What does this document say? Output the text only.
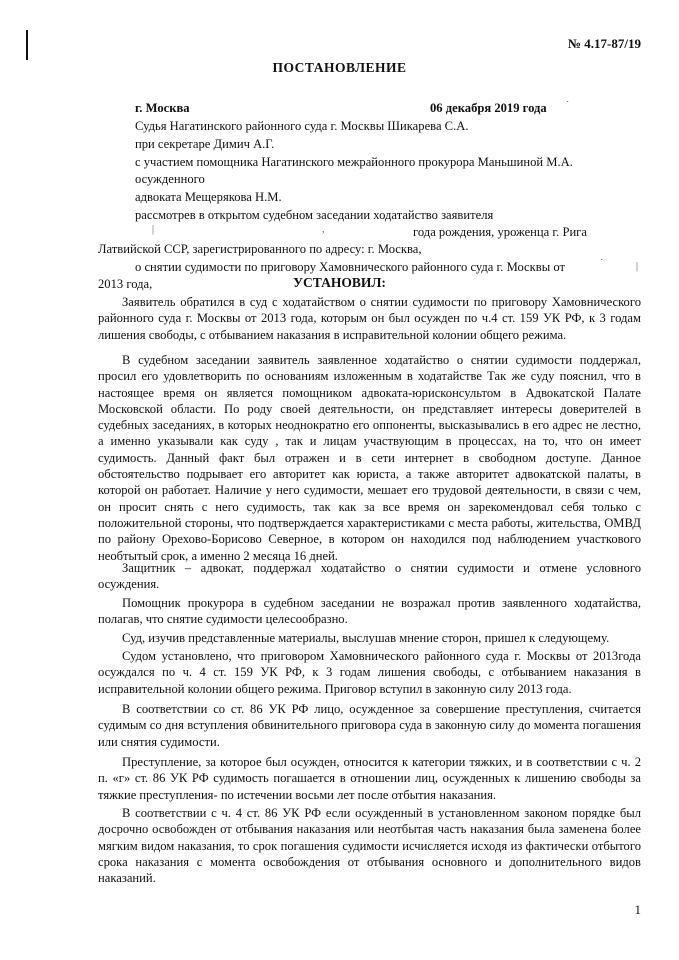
№ 4.17-87/19
ПОСТАНОВЛЕНИЕ
г. Москва	06 декабря 2019 года ˙
Судья Нагатинского районного суда г. Москвы Шикарева С.А.
при секретаре Димич А.Г.
с участием помощника Нагатинского межрайонного прокурора Маньшиной М.А.
осужденного
адвоката Мещерякова Н.М.
рассмотрев в открытом судебном заседании ходатайство заявителя
года рождения, уроженца г. Рига
|	,
Латвийской ССР, зарегистрированного по адресу: г. Москва,
о снятии судимости по приговору Хамовнического районного суда г. Москвы от	˙	|
2013 года,	УСТАНОВИЛ:

Заявитель обратился в суд с ходатайством о снятии судимости по приговору Хамовнического районного суда г. Москвы от 2013 года, которым он был осужден по ч.4 ст. 159 УК РФ, к 3 годам лишения свободы, с отбыванием наказания в исправительной колонии общего режима.

В судебном заседании заявитель заявленное ходатайство о снятии судимости поддержал, просил его удовлетворить по основаниям изложенным в ходатайстве Так же суду пояснил, что в настоящее время он является помощником адвоката-юрисконсультом в Адвокатской Палате Московской области. По роду своей деятельности, он представляет интересы доверителей в судебных заседаниях, в которых неоднократно его оппоненты, высказывались в его адрес не лестно, а именно указывали как суду , так и лицам участвующим в процессах, на то, что он имеет судимость. Данный факт был отражен и в сети интернет в свободном доступе. Данное обстоятельство подрывает его авторитет как юриста, а также авторитет адвокатской палаты, в которой он работает. Наличие у него судимости, мешает его трудовой деятельности, в связи с чем, он просит снять с него судимость, так как за все время он зарекомендовал себя только с положительной стороны, что подтверждается характеристиками с места работы, жительства, ОМВД по району Орехово-Борисово Северное, в котором он находился под наблюдением участкового необтытый срок, а именно 2 месяца 16 дней.

Защитник – адвокат, поддержал ходатайство о снятии судимости и отмене условного осуждения.

Помощник прокурора в судебном заседании не возражал против заявленного ходатайства, полагав, что снятие судимости целесообразно.

Суд, изучив представленные материалы, выслушав мнение сторон, пришел к следующему.

Судом установлено, что приговором Хамовнического районного суда г. Москвы от 2013года осуждался по ч. 4 ст. 159 УК РФ, к 3 годам лишения свободы, с отбыванием наказания в исправительной колонии общего режима. Приговор вступил в законную силу 2013 года.

В соответствии со ст. 86 УК РФ лицо, осужденное за совершение преступления, считается судимым со дня вступления обвинительного приговора суда в законную силу до момента погашения или снятия судимости.

Преступление, за которое был осужден, относится к категории тяжких, и в соответствии с ч. 2 п. «г» ст. 86 УК РФ судимость погашается в отношении лиц, осужденных к лишению свободы за тяжкие преступления- по истечении восьми лет после отбытия наказания.

В соответствии с ч. 4 ст. 86 УК РФ если осужденный в установленном законом порядке был досрочно освобожден от отбывания наказания или неотбытая часть наказания была заменена более мягким видом наказания, то срок погашения судимости исчисляется исходя из фактически отбытого срока наказания с момента освобождения от отбывания основного и дополнительного видов наказаний.

1
